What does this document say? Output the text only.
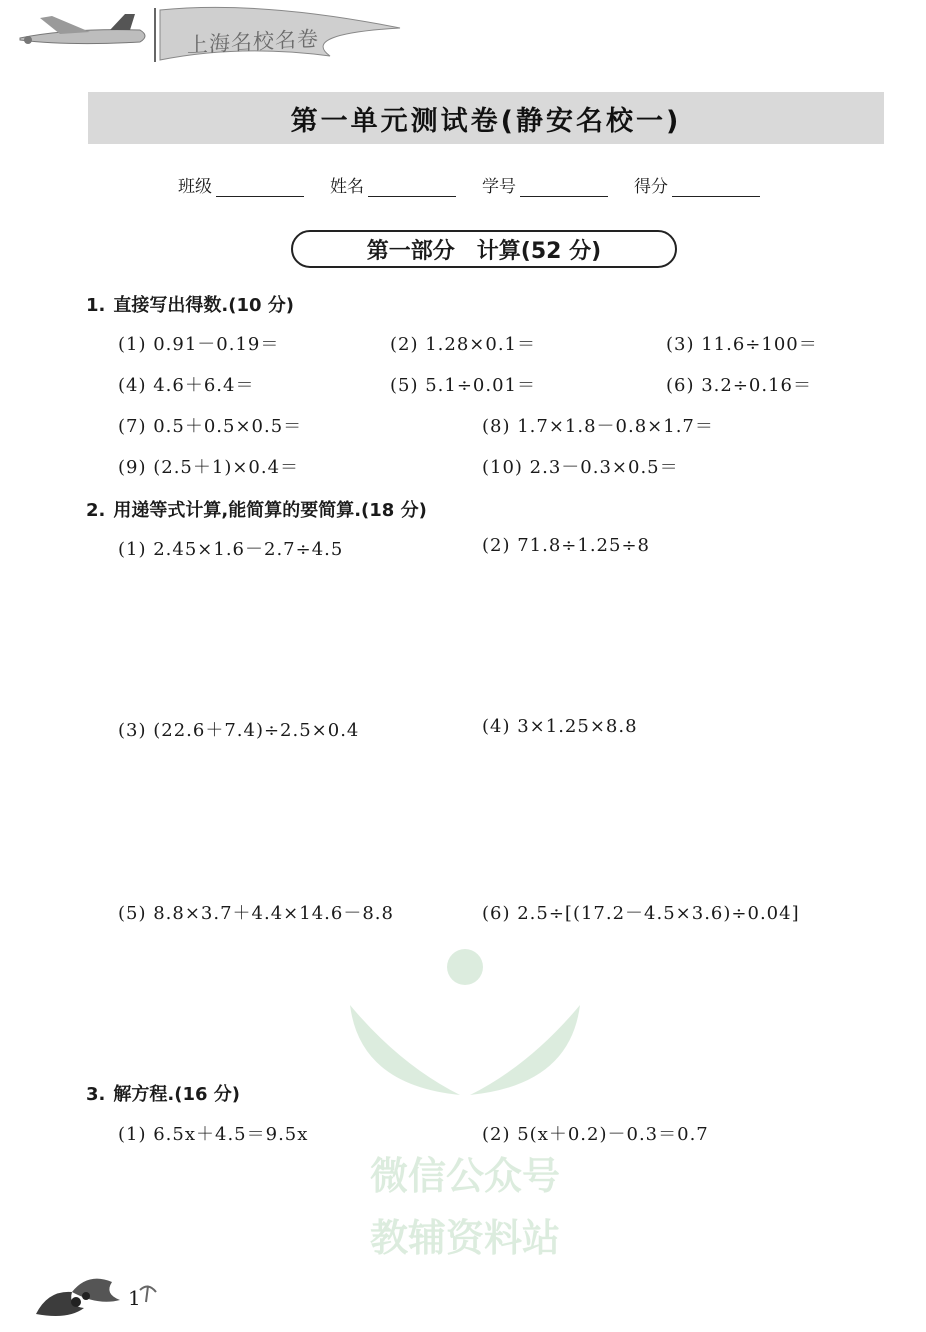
上海名校名卷
第一单元测试卷(静安名校一)
班级	姓名	学号	得分
第一部分　计算(52 分)
1. 直接写出得数.(10 分)
(1) 0.91－0.19＝	(2) 1.28×0.1＝	(3) 11.6÷100＝
(4) 4.6＋6.4＝	(5) 5.1÷0.01＝	(6) 3.2÷0.16＝
(7) 0.5＋0.5×0.5＝	(8) 1.7×1.8－0.8×1.7＝
(9) (2.5＋1)×0.4＝	(10) 2.3－0.3×0.5＝
2. 用递等式计算,能简算的要简算.(18 分)
(1) 2.45×1.6－2.7÷4.5	(2) 71.8÷1.25÷8
(3) (22.6＋7.4)÷2.5×0.4	(4) 3×1.25×8.8
(5) 8.8×3.7＋4.4×14.6－8.8	(6) 2.5÷[(17.2－4.5×3.6)÷0.04]
微信公众号
教辅资料站
3. 解方程.(16 分)
(1) 6.5x＋4.5＝9.5x	(2) 5(x＋0.2)－0.3＝0.7
1
